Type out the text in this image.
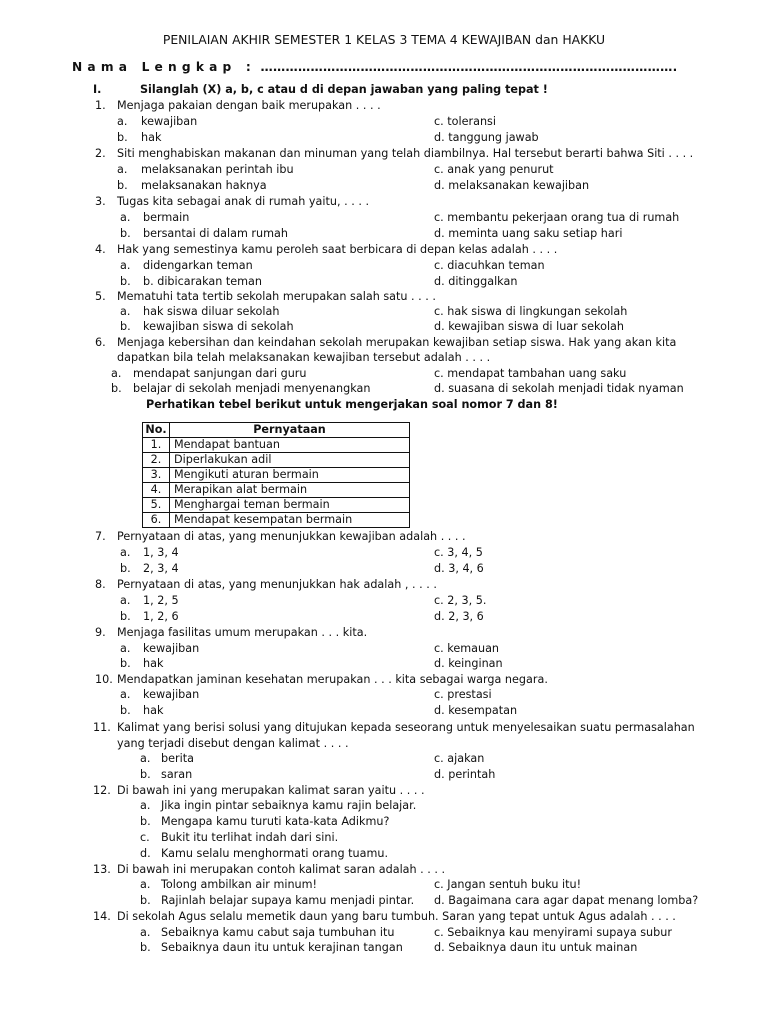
PENILAIAN AKHIR SEMESTER 1 KELAS 3 TEMA 4 KEWAJIBAN dan HAKKU
Nama Lengkap : ……………………………………………………………………………………….
I.	Silanglah (X) a, b, c atau d di depan jawaban yang paling tepat !
1. Menjaga pakaian dengan baik merupakan . . . .
a. kewajiban	c. toleransi
b. hak	d. tanggung jawab
2. Siti menghabiskan makanan dan minuman yang telah diambilnya. Hal tersebut berarti bahwa Siti . . . .
a. melaksanakan perintah ibu	c. anak yang penurut
b. melaksanakan haknya	d. melaksanakan kewajiban
3. Tugas kita sebagai anak di rumah yaitu, . . . .
a. bermain	c. membantu pekerjaan orang tua di rumah
b. bersantai di dalam rumah	d. meminta uang saku setiap hari
4. Hak yang semestinya kamu peroleh saat berbicara di depan kelas adalah . . . .
a. didengarkan teman	c. diacuhkan teman
b. b. dibicarakan teman	d. ditinggalkan
5. Mematuhi tata tertib sekolah merupakan salah satu . . . .
a. hak siswa diluar sekolah	c. hak siswa di lingkungan sekolah
b. kewajiban siswa di sekolah	d. kewajiban siswa di luar sekolah
6. Menjaga kebersihan dan keindahan sekolah merupakan kewajiban setiap siswa. Hak yang akan kita
dapatkan bila telah melaksanakan kewajiban tersebut adalah . . . .
a. mendapat sanjungan dari guru	c. mendapat tambahan uang saku
b. belajar di sekolah menjadi menyenangkan	d. suasana di sekolah menjadi tidak nyaman
Perhatikan tebel berikut untuk mengerjakan soal nomor 7 dan 8!
No.	Pernyataan
1.	Mendapat bantuan
2.	Diperlakukan adil
3.	Mengikuti aturan bermain
4.	Merapikan alat bermain
5.	Menghargai teman bermain
6.	Mendapat kesempatan bermain
7. Pernyataan di atas, yang menunjukkan kewajiban adalah . . . .
a. 1, 3, 4	c. 3, 4, 5
b. 2, 3, 4	d. 3, 4, 6
8. Pernyataan di atas, yang menunjukkan hak adalah , . . . .
a. 1, 2, 5	c. 2, 3, 5.
b. 1, 2, 6	d. 2, 3, 6
9. Menjaga fasilitas umum merupakan . . . kita.
a. kewajiban	c. kemauan
b. hak	d. keinginan
10. Mendapatkan jaminan kesehatan merupakan . . . kita sebagai warga negara.
a. kewajiban	c. prestasi
b. hak	d. kesempatan
11. Kalimat yang berisi solusi yang ditujukan kepada seseorang untuk menyelesaikan suatu permasalahan
yang terjadi disebut dengan kalimat . . . .
a. berita	c. ajakan
b. saran	d. perintah
12. Di bawah ini yang merupakan kalimat saran yaitu . . . .
a. Jika ingin pintar sebaiknya kamu rajin belajar.
b. Mengapa kamu turuti kata-kata Adikmu?
c. Bukit itu terlihat indah dari sini.
d. Kamu selalu menghormati orang tuamu.
13. Di bawah ini merupakan contoh kalimat saran adalah . . . .
a. Tolong ambilkan air minum!	c. Jangan sentuh buku itu!
b. Rajinlah belajar supaya kamu menjadi pintar. d. Bagaimana cara agar dapat menang lomba?
14. Di sekolah Agus selalu memetik daun yang baru tumbuh. Saran yang tepat untuk Agus adalah . . . .
a. Sebaiknya kamu cabut saja tumbuhan itu	c. Sebaiknya kau menyirami supaya subur
b. Sebaiknya daun itu untuk kerajinan tangan	d. Sebaiknya daun itu untuk mainan
